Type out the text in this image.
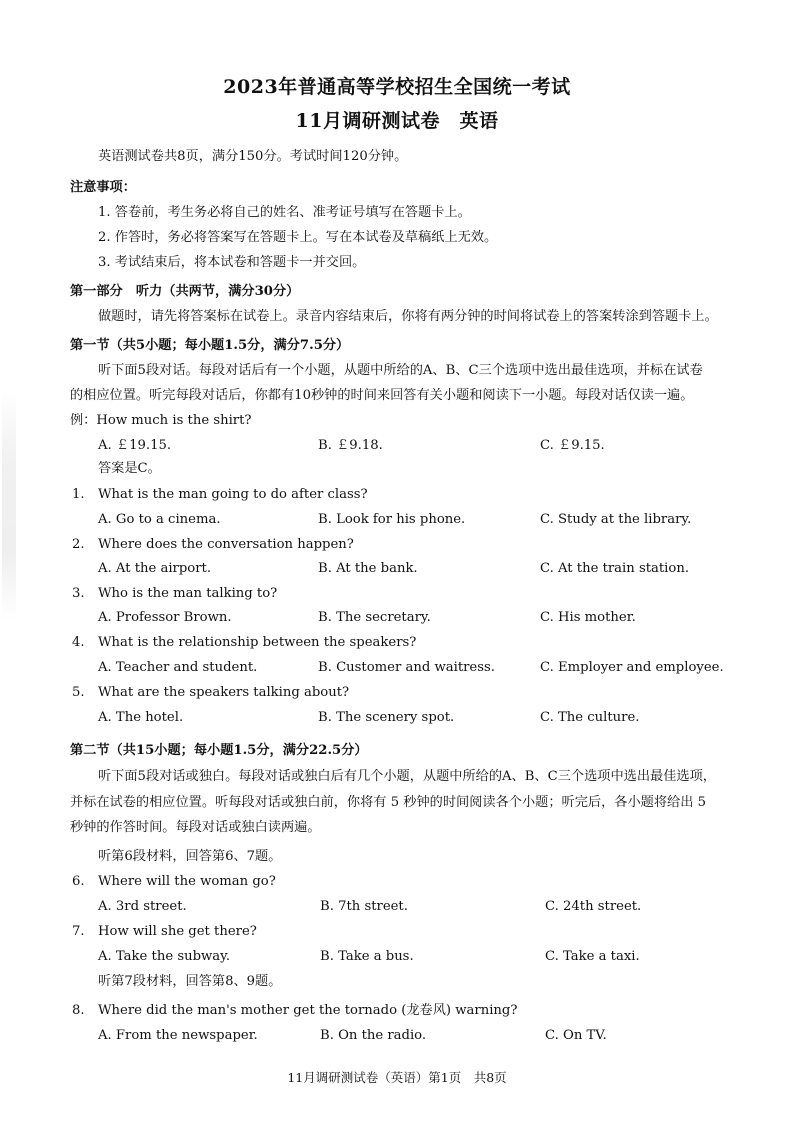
2023年普通高等学校招生全国统一考试
11月调研测试卷　英语
英语测试卷共8页，满分150分。考试时间120分钟。
注意事项：
1. 答卷前，考生务必将自己的姓名、准考证号填写在答题卡上。
2. 作答时，务必将答案写在答题卡上。写在本试卷及草稿纸上无效。
3. 考试结束后，将本试卷和答题卡一并交回。
第一部分　听力（共两节，满分30分）
做题时，请先将答案标在试卷上。录音内容结束后，你将有两分钟的时间将试卷上的答案转涂到答题卡上。
第一节（共5小题；每小题1.5分，满分7.5分）
听下面5段对话。每段对话后有一个小题，从题中所给的A、B、C三个选项中选出最佳选项，并标在试卷
的相应位置。听完每段对话后，你都有10秒钟的时间来回答有关小题和阅读下一小题。每段对话仅读一遍。
例：How much is the shirt?
A. ￡19.15.	B. ￡9.18.	C. ￡9.15.
答案是C。
1. What is the man going to do after class?
A. Go to a cinema.	B. Look for his phone.	C. Study at the library.
2. Where does the conversation happen?
A. At the airport.	B. At the bank.	C. At the train station.
3. Who is the man talking to?
A. Professor Brown.	B. The secretary.	C. His mother.
4. What is the relationship between the speakers?
A. Teacher and student.	B. Customer and waitress.	C. Employer and employee.
5. What are the speakers talking about?
A. The hotel.	B. The scenery spot.	C. The culture.
第二节（共15小题；每小题1.5分，满分22.5分）
听下面5段对话或独白。每段对话或独白后有几个小题，从题中所给的A、B、C三个选项中选出最佳选项，
并标在试卷的相应位置。听每段对话或独白前，你将有 5 秒钟的时间阅读各个小题；听完后，各小题将给出 5
秒钟的作答时间。每段对话或独白读两遍。
听第6段材料，回答第6、7题。
6. Where will the woman go?
A. 3rd street.	B. 7th street.	C. 24th street.
7. How will she get there?
A. Take the subway.	B. Take a bus.	C. Take a taxi.
听第7段材料，回答第8、9题。
8. Where did the man's mother get the tornado (龙卷风) warning?
A. From the newspaper.	B. On the radio.	C. On TV.
11月调研测试卷（英语）第1页　共8页
